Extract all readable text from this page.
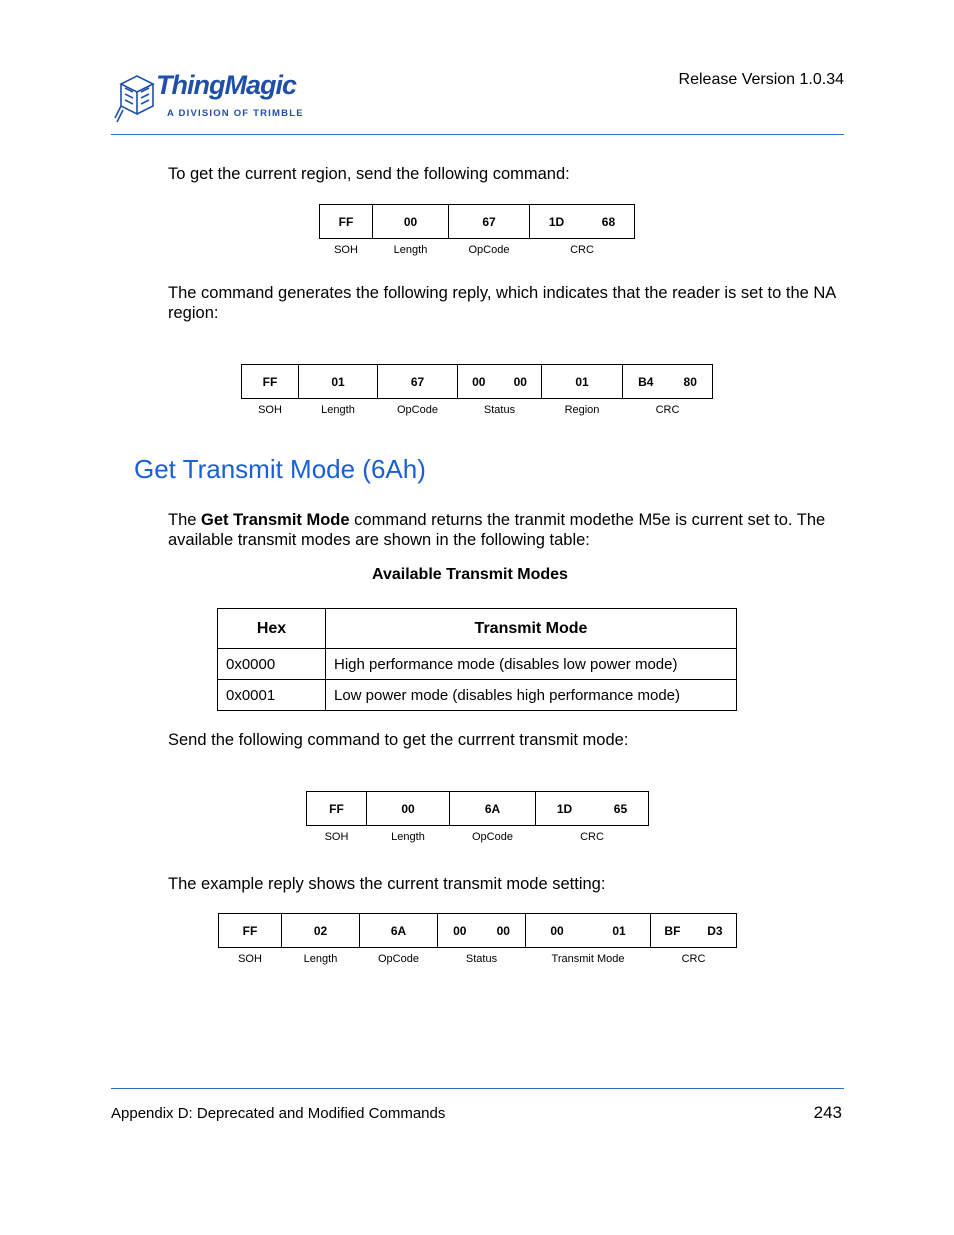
ThingMagic
A DIVISION OF TRIMBLE
Release Version 1.0.34
To get the current region, send the following command:
FF	00	67	1D 68

SOH	Length	OpCode	CRC
The command generates the following reply, which indicates that the reader is set to the NA region:
FF	01	67	00 00	01	B4 80

SOH	Length	OpCode	Status	Region	CRC
Get Transmit Mode (6Ah)
The Get Transmit Mode command returns the tranmit modethe M5e is current set to. The available transmit modes are shown in the following table:
Available Transmit Modes
Hex	Transmit Mode
0x0000	High performance mode (disables low power mode)
0x0001	Low power mode (disables high performance mode)
Send the following command to get the currrent transmit mode:
FF	00	6A	1D 65

SOH	Length	OpCode	CRC
The example reply shows the current transmit mode setting:
FF	02	6A	00 00	00 01	BF D3

SOH	Length	OpCode	Status	Transmit Mode	CRC
Appendix D: Deprecated and Modified Commands	243
